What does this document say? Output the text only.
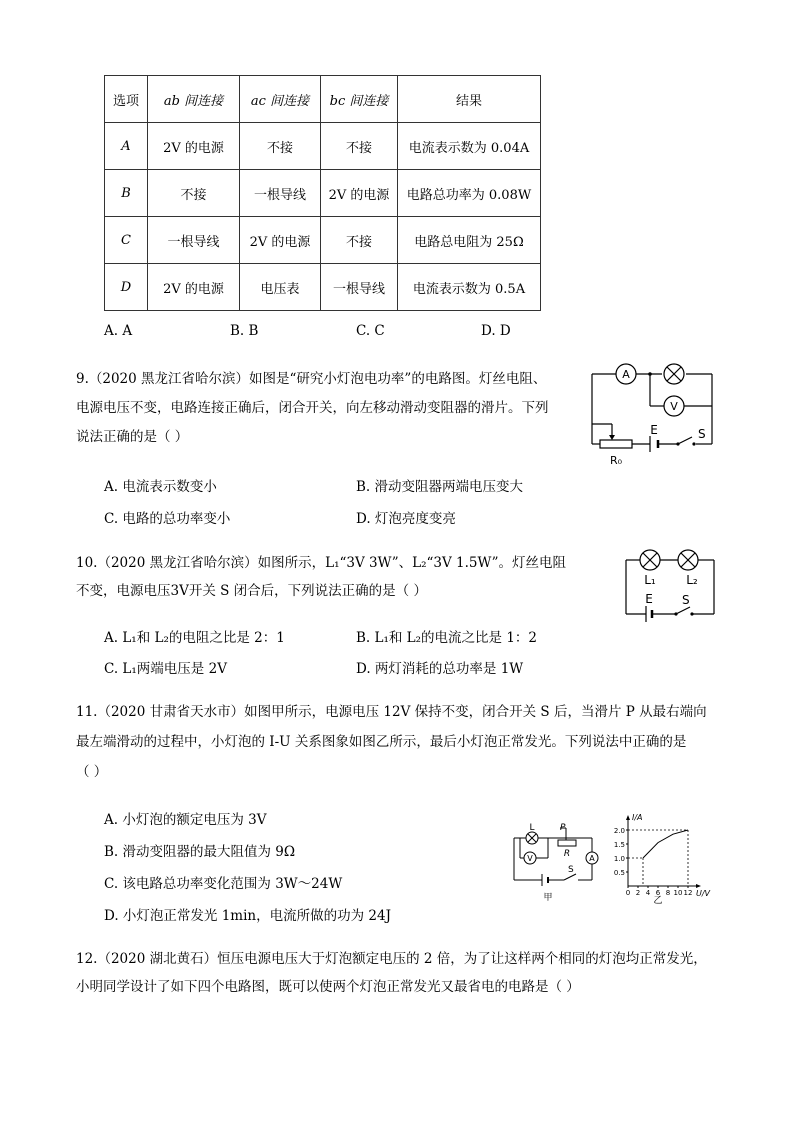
选项	ab 间连接	ac 间连接	bc 间连接	结果
A	2V 的电源	不接	不接	电流表示数为 0.04A
B	不接	一根导线	2V 的电源	电路总功率为 0.08W
C	一根导线	2V 的电源	不接	电路总电阻为 25Ω
D	2V 的电源	电压表	一根导线	电流表示数为 0.5A
A. A	B. B	C. C	D. D
9.（2020 黑龙江省哈尔滨）如图是“研究小灯泡电功率”的电路图。灯丝电阻、
电源电压不变，电路连接正确后，闭合开关，向左移动滑动变阻器的滑片。下列
说法正确的是（ ）
A. 电流表示数变小	B. 滑动变阻器两端电压变大
C. 电路的总功率变小	D. 灯泡亮度变亮
A
V
E	S
R₀
10.（2020 黑龙江省哈尔滨）如图所示，L₁“3V 3W”、L₂“3V 1.5W”。灯丝电阻
不变，电源电压3V开关 S 闭合后，下列说法正确的是（ ）
A. L₁和 L₂的电阻之比是 2：1	B. L₁和 L₂的电流之比是 1：2
C. L₁两端电压是 2V	D. 两灯消耗的总功率是 1W
L₁	L₂
E S
11.（2020 甘肃省天水市）如图甲所示，电源电压 12V 保持不变，闭合开关 S 后，当滑片 P 从最右端向
最左端滑动的过程中，小灯泡的 I-U 关系图象如图乙所示，最后小灯泡正常发光。下列说法中正确的是
（ ）
A. 小灯泡的额定电压为 3V
B. 滑动变阻器的最大阻值为 9Ω
C. 该电路总功率变化范围为 3W～24W
D. 小灯泡正常发光 1min，电流所做的功为 24J
L	P
R
V	A
S
甲
I/A
U/V
乙
2.0
1.5
1.0
0.5
0 2 4 6 8 10 12
12.（2020 湖北黄石）恒压电源电压大于灯泡额定电压的 2 倍，为了让这样两个相同的灯泡均正常发光，
小明同学设计了如下四个电路图，既可以使两个灯泡正常发光又最省电的电路是（ ）
